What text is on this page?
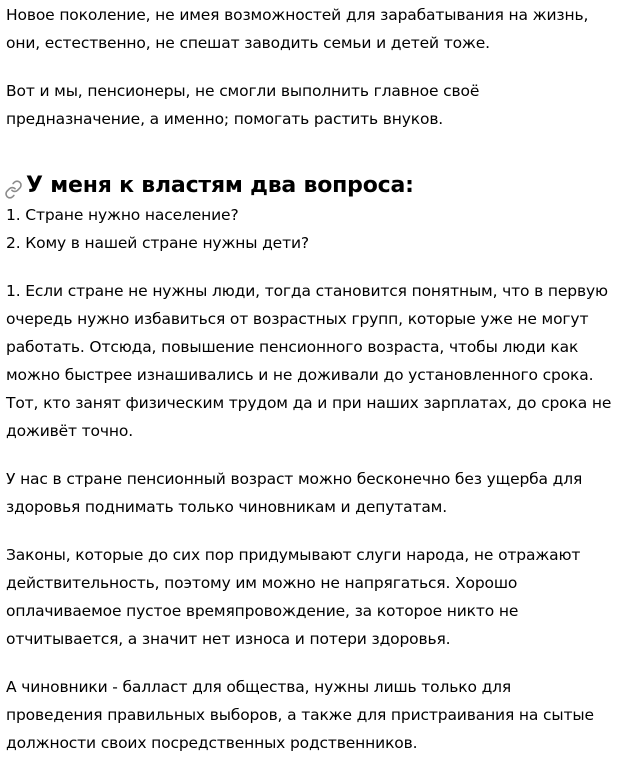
Новое поколение, не имея возможностей для зарабатывания на жизнь, они, естественно, не спешат заводить семьи и детей тоже.

Вот и мы, пенсионеры, не смогли выполнить главное своё предназначение, а именно; помогать растить внуков.

У меня к властям два вопроса:

1. Стране нужно население?

2. Кому в нашей стране нужны дети?

1. Если стране не нужны люди, тогда становится понятным, что в первую очередь нужно избавиться от возрастных групп, которые уже не могут работать. Отсюда, повышение пенсионного возраста, чтобы люди как можно быстрее изнашивались и не доживали до установленного срока. Тот, кто занят физическим трудом да и при наших зарплатах, до срока не доживёт точно.

У нас в стране пенсионный возраст можно бесконечно без ущерба для здоровья поднимать только чиновникам и депутатам.

Законы, которые до сих пор придумывают слуги народа, не отражают действительность, поэтому им можно не напрягаться. Хорошо оплачиваемое пустое времяпровождение, за которое никто не отчитывается, а значит нет износа и потери здоровья.

А чиновники - балласт для общества, нужны лишь только для проведения правильных выборов, а также для пристраивания на сытые должности своих посредственных родственников.
